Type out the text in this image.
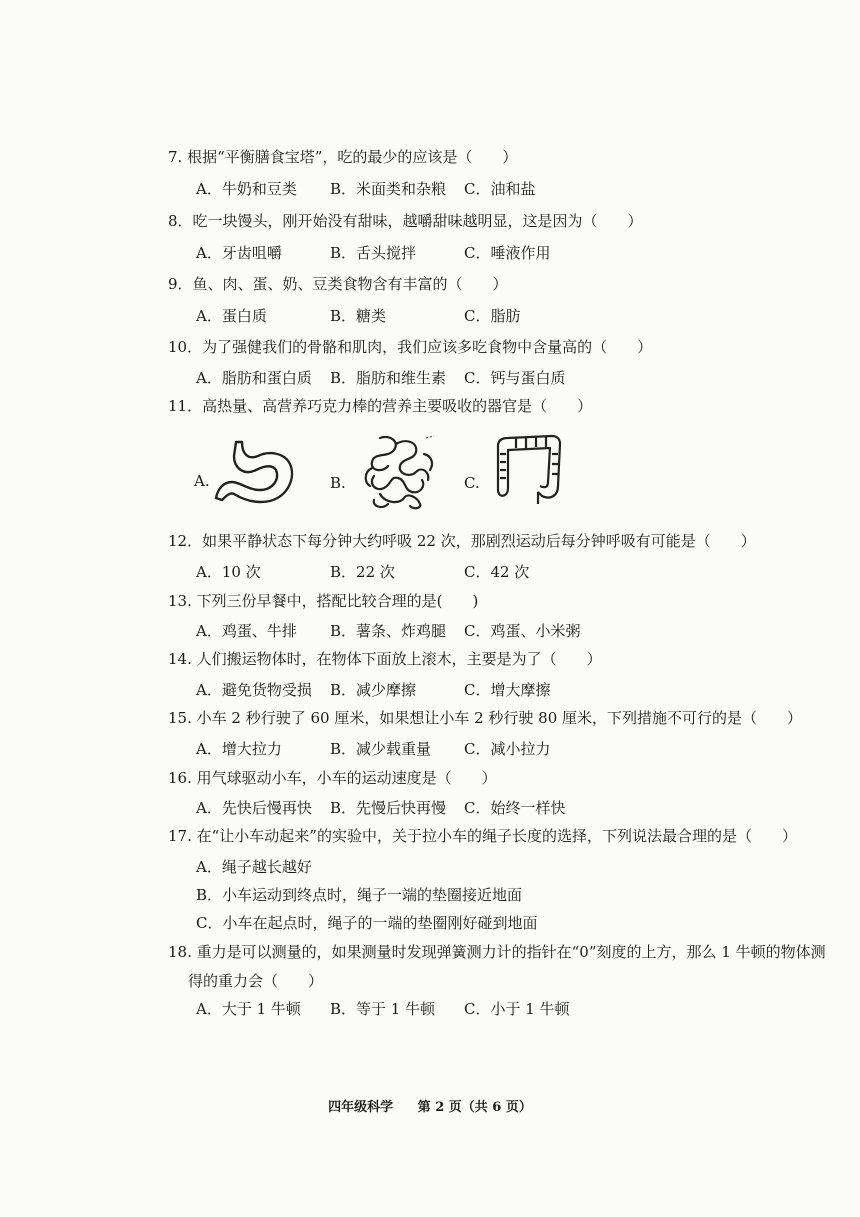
7. 根据“平衡膳食宝塔”，吃的最少的应该是（　　）
A．牛奶和豆类 B．米面类和杂粮 C．油和盐
8．吃一块馒头，刚开始没有甜味，越嚼甜味越明显，这是因为（　　）
A．牙齿咀嚼	B．舌头搅拌	C．唾液作用
9．鱼、肉、蛋、奶、豆类食物含有丰富的（　　）
A．蛋白质	B．糖类	C．脂肪
10．为了强健我们的骨骼和肌肉，我们应该多吃食物中含量高的（　　）
A．脂肪和蛋白质 B．脂肪和维生素 C．钙与蛋白质
11．高热量、高营养巧克力棒的营养主要吸收的器官是（　　）
A.	B.	C.
12．如果平静状态下每分钟大约呼吸 22 次，那剧烈运动后每分钟呼吸有可能是（　　）
A．10 次	B．22 次	C．42 次
13. 下列三份早餐中，搭配比较合理的是(　　)
A．鸡蛋、牛排 B．薯条、炸鸡腿 C．鸡蛋、小米粥
14. 人们搬运物体时，在物体下面放上滚木，主要是为了（　　）
A．避免货物受损 B．减少摩擦	C．增大摩擦
15. 小车 2 秒行驶了 60 厘米，如果想让小车 2 秒行驶 80 厘米，下列措施不可行的是（　　）
A．增大拉力	B．减少载重量 C．减小拉力
16. 用气球驱动小车，小车的运动速度是（　　）
A．先快后慢再快 B．先慢后快再慢 C．始终一样快
17. 在“让小车动起来”的实验中，关于拉小车的绳子长度的选择，下列说法最合理的是（　　）
A．绳子越长越好
B．小车运动到终点时，绳子一端的垫圈接近地面
C．小车在起点时，绳子的一端的垫圈刚好碰到地面
18. 重力是可以测量的，如果测量时发现弹簧测力计的指针在“0”刻度的上方，那么 1 牛顿的物体测
得的重力会（　　）
A．大于 1 牛顿 B．等于 1 牛顿 C．小于 1 牛顿
四年级科学 第 2 页（共 6 页）
